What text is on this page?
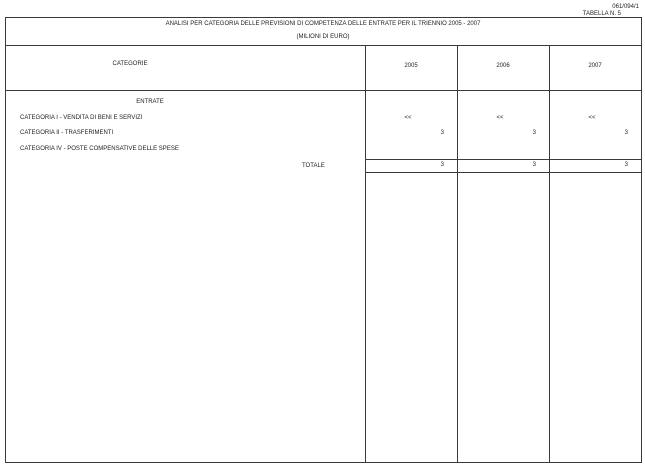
061/094/1
TABELLA N. 5
ANALISI PER CATEGORIA DELLE PREVISIONI DI COMPETENZA DELLE ENTRATE PER IL TRIENNIO 2005 - 2007
(MILIONI DI EURO)
CATEGORIE	2005	2006	2007
ENTRATE
CATEGORIA I - VENDITA DI BENI E SERVIZI	<<	<<	<<
CATEGORIA II - TRASFERIMENTI	3	3	3
CATEGORIA IV - POSTE COMPENSATIVE DELLE SPESE
TOTALE	3	3	3
